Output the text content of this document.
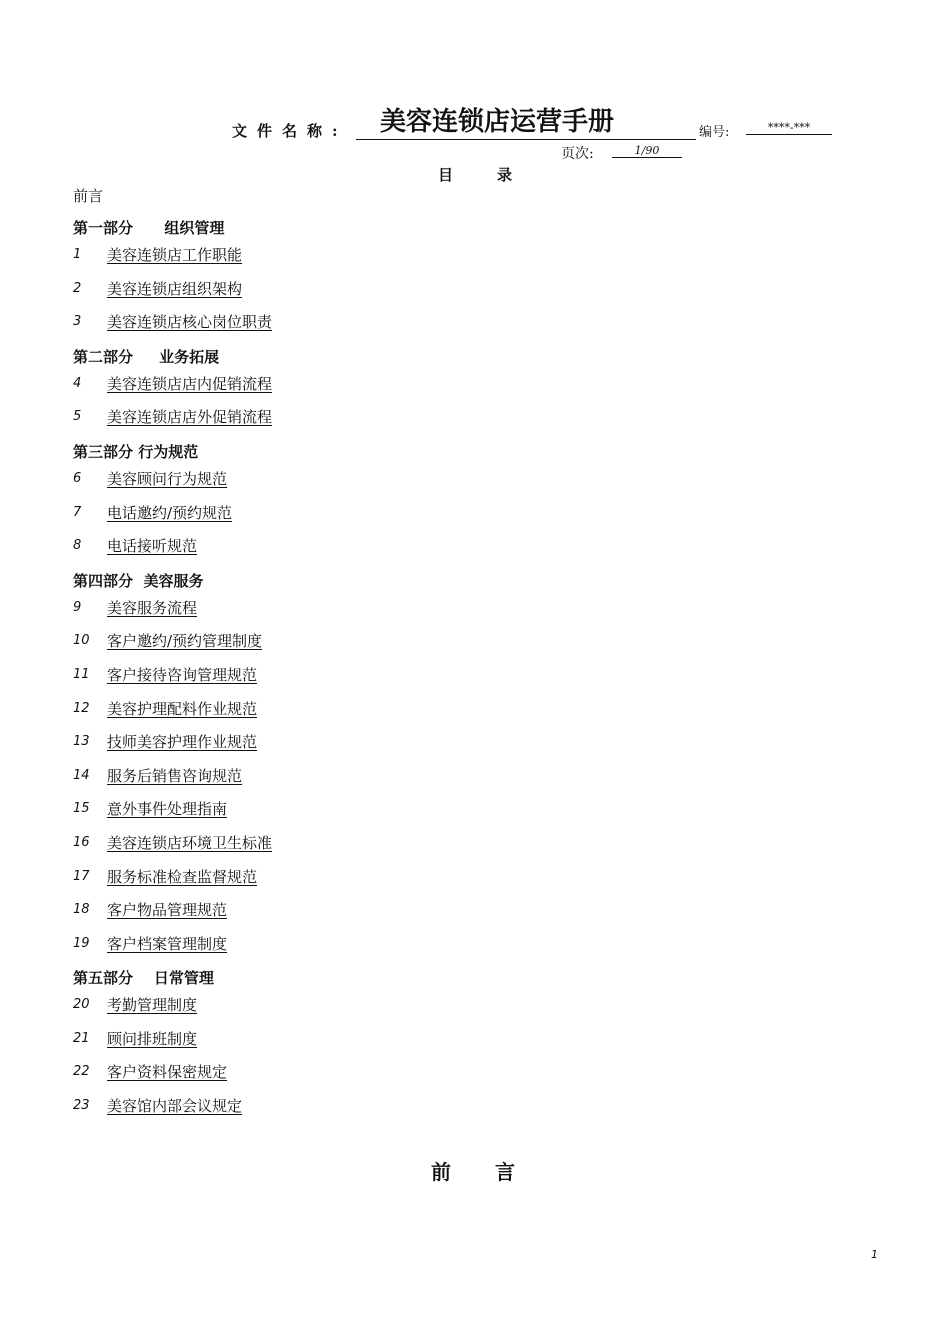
文件名称:	美容连锁店运营手册	编号:	****-***
页次:	1/90
目录
前言
第一部分      组织管理
1	美容连锁店工作职能
2	美容连锁店组织架构
3	美容连锁店核心岗位职责
第二部分     业务拓展
4	美容连锁店店内促销流程
5	美容连锁店店外促销流程
第三部分 行为规范
6	美容顾问行为规范
7	电话邀约/预约规范
8	电话接听规范
第四部分  美容服务
9	美容服务流程
10	客户邀约/预约管理制度
11	客户接待咨询管理规范
12	美容护理配料作业规范
13	技师美容护理作业规范
14	服务后销售咨询规范
15	意外事件处理指南
16	美容连锁店环境卫生标准
17	服务标准检查监督规范
18	客户物品管理规范
19	客户档案管理制度
第五部分    日常管理
20	考勤管理制度
21	顾问排班制度
22	客户资料保密规定
23	美容馆内部会议规定
前言
1
